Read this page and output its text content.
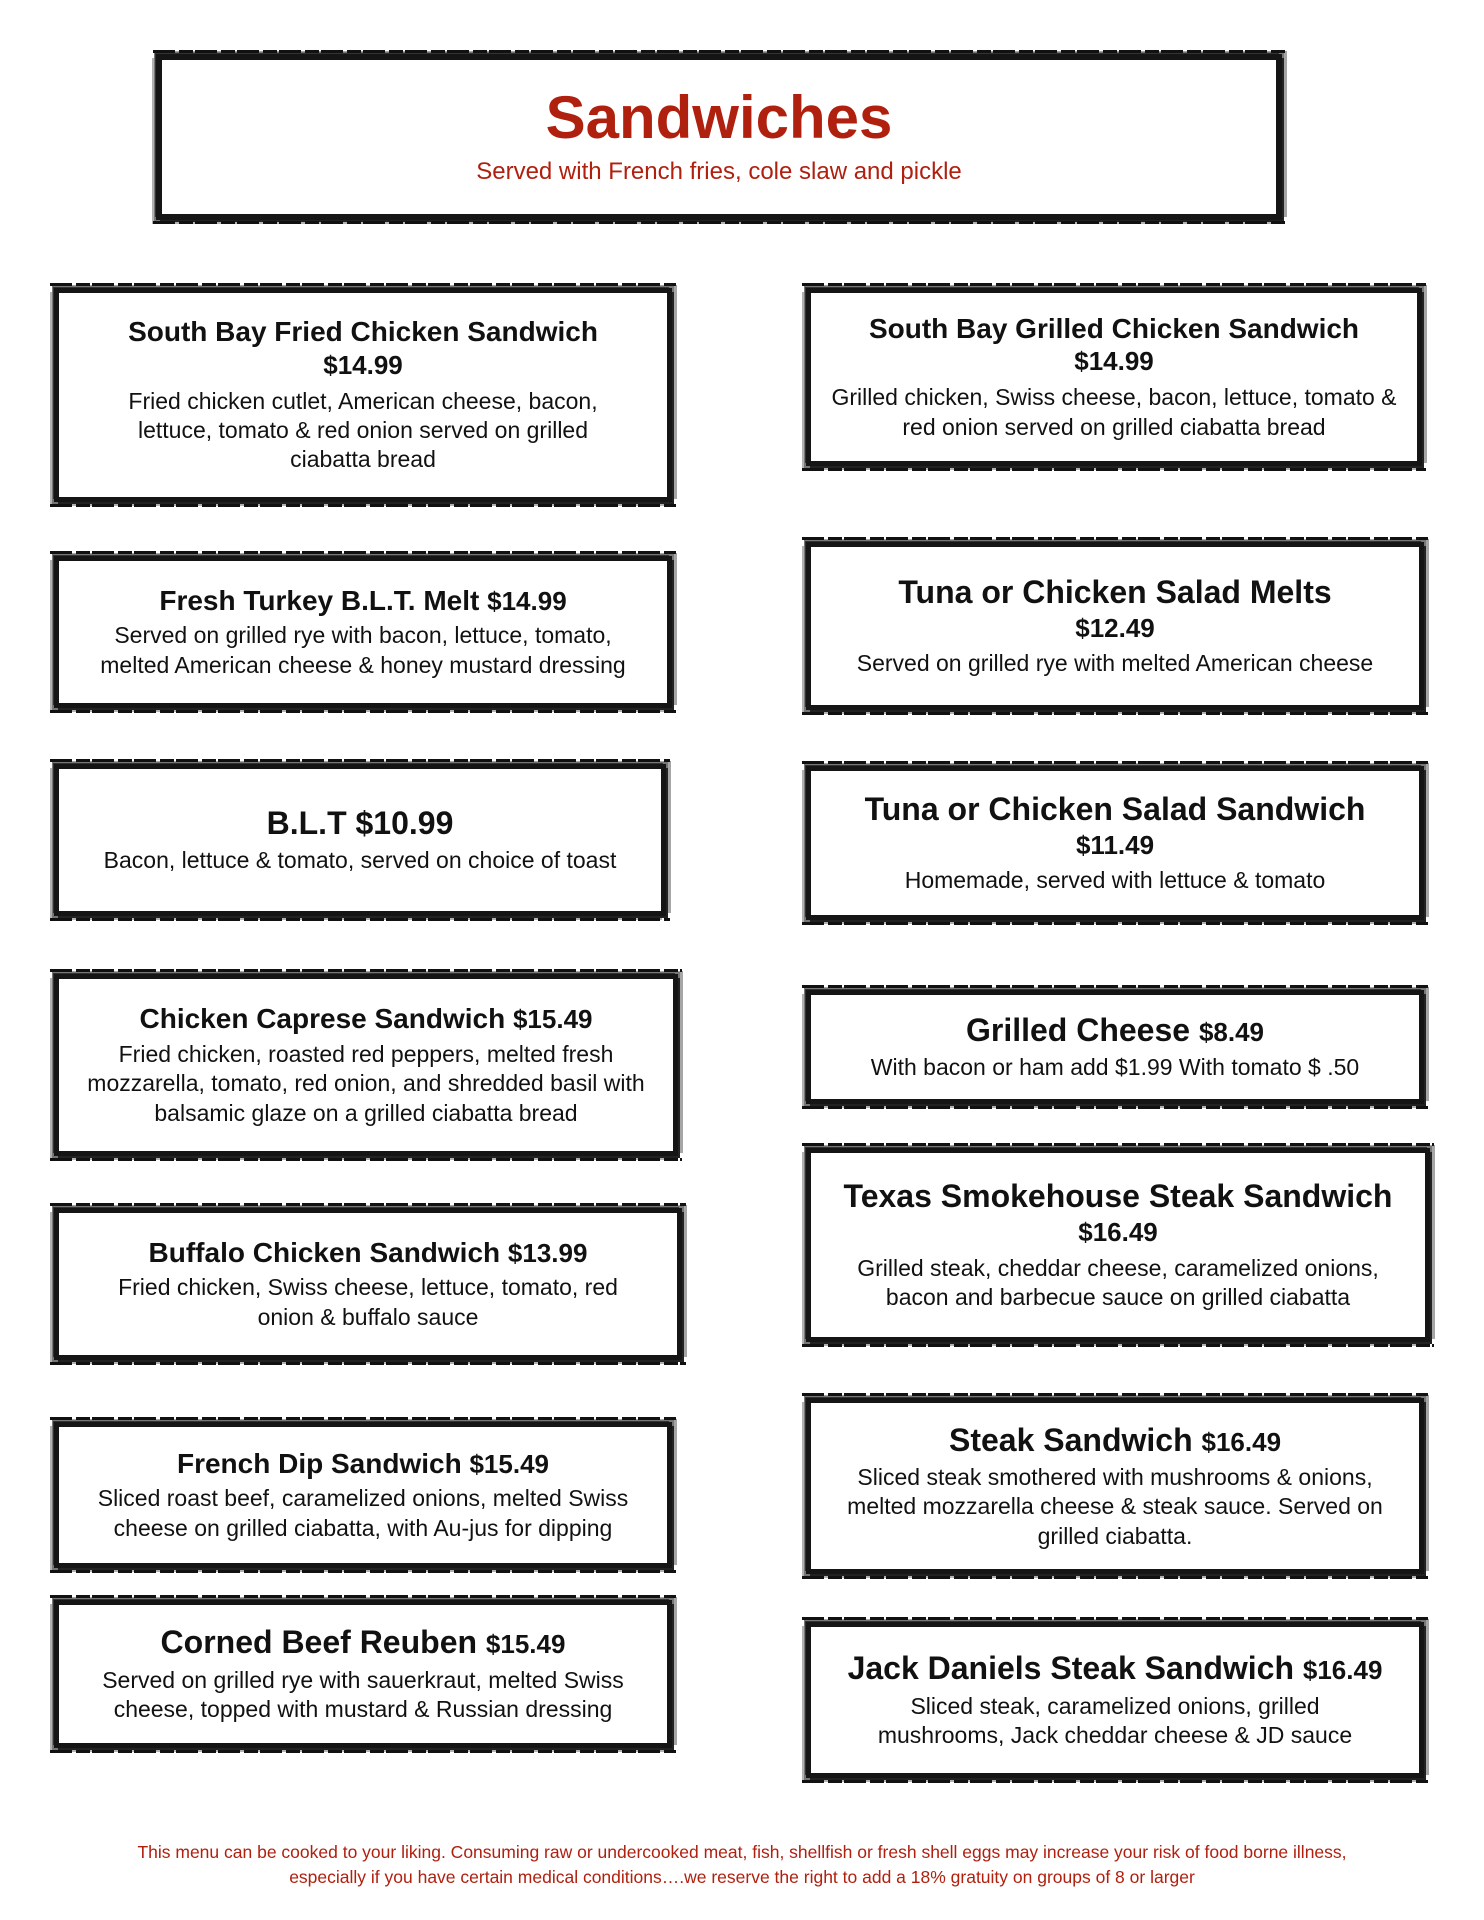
Sandwiches
Served with French fries, cole slaw and pickle
South Bay Fried Chicken Sandwich
$14.99
Fried chicken cutlet, American cheese, bacon, lettuce, tomato & red onion served on grilled ciabatta bread
Fresh Turkey B.L.T. Melt $14.99
Served on grilled rye with bacon, lettuce, tomato, melted American cheese & honey mustard dressing
B.L.T $10.99
Bacon, lettuce & tomato, served on choice of toast
Chicken Caprese Sandwich $15.49
Fried chicken, roasted red peppers, melted fresh mozzarella, tomato, red onion, and shredded basil with balsamic glaze on a grilled ciabatta bread
Buffalo Chicken Sandwich $13.99
Fried chicken, Swiss cheese, lettuce, tomato, red onion & buffalo sauce
French Dip Sandwich $15.49
Sliced roast beef, caramelized onions, melted Swiss cheese on grilled ciabatta, with Au-jus for dipping
Corned Beef Reuben $15.49
Served on grilled rye with sauerkraut, melted Swiss cheese, topped with mustard & Russian dressing
South Bay Grilled Chicken Sandwich
$14.99
Grilled chicken, Swiss cheese, bacon, lettuce, tomato & red onion served on grilled ciabatta bread
Tuna or Chicken Salad Melts
$12.49
Served on grilled rye with melted American cheese
Tuna or Chicken Salad Sandwich
$11.49
Homemade, served with lettuce & tomato
Grilled Cheese $8.49
With bacon or ham add $1.99 With tomato $ .50
Texas Smokehouse Steak Sandwich
$16.49
Grilled steak, cheddar cheese, caramelized onions, bacon and barbecue sauce on grilled ciabatta
Steak Sandwich $16.49
Sliced steak smothered with mushrooms & onions, melted mozzarella cheese & steak sauce. Served on grilled ciabatta.
Jack Daniels Steak Sandwich $16.49
Sliced steak, caramelized onions, grilled mushrooms, Jack cheddar cheese & JD sauce
This menu can be cooked to your liking. Consuming raw or undercooked meat, fish, shellfish or fresh shell eggs may increase your risk of food borne illness,
especially if you have certain medical conditions….we reserve the right to add a 18% gratuity on groups of 8 or larger
